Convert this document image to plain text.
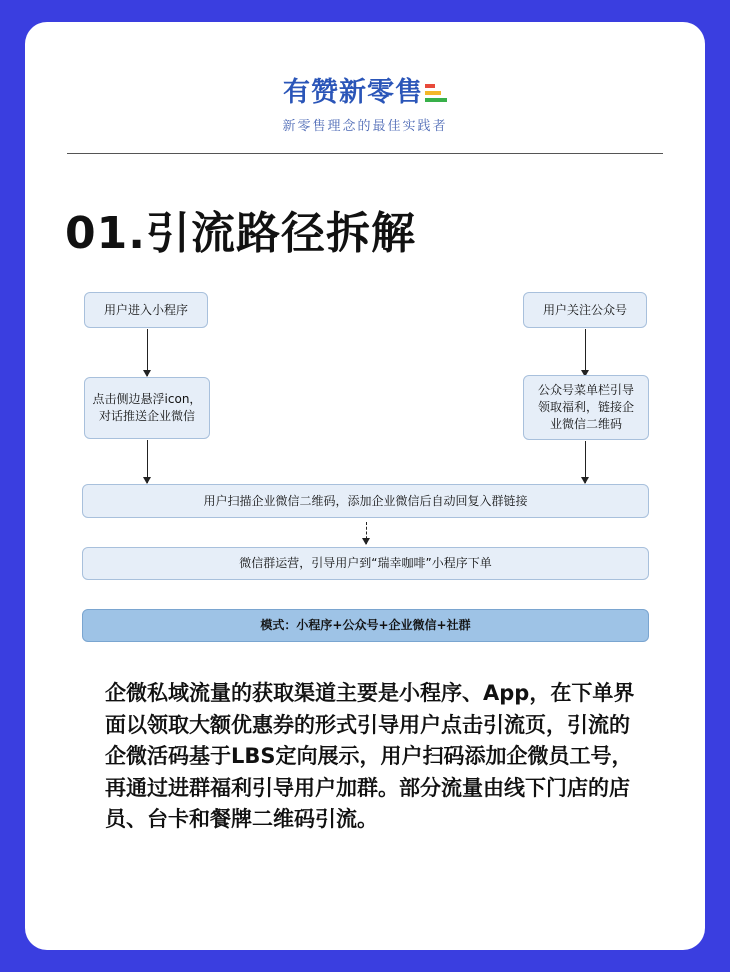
有赞新零售
新零售理念的最佳实践者
01.引流路径拆解
用户进入小程序	用户关注公众号
点击侧边悬浮icon，
对话推送企业微信
公众号菜单栏引导
领取福利，链接企
业微信二维码
用户扫描企业微信二维码，添加企业微信后自动回复入群链接
微信群运营，引导用户到“瑞幸咖啡”小程序下单
模式：小程序+公众号+企业微信+社群
企微私域流量的获取渠道主要是小程序、App，在下单界面以领取大额优惠券的形式引导用户点击引流页，引流的企微活码基于LBS定向展示，用户扫码添加企微员工号，再通过进群福利引导用户加群。部分流量由线下门店的店员、台卡和餐牌二维码引流。
